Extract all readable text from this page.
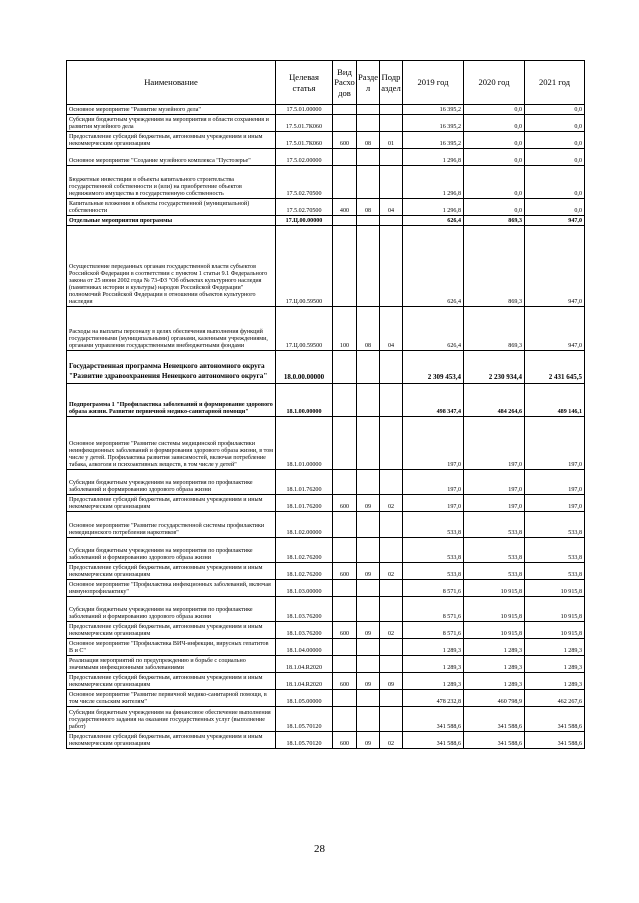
Наименование	Целевая статья	Вид Расхо дов	Разде л	Подр аздел	2019 год	2020 год	2021 год
Основное мероприятие "Развитие музейного дела"	17.5.01.00000				16 395,2	0,0	0,0
Субсидии бюджетным учреждениям на мероприятия в области сохранения и развития музейного дела	17.5.01.7К060				16 395,2	0,0	0,0
Предоставление субсидий бюджетным, автономным учреждениям и иным некоммерческим организациям	17.5.01.7К060	600	08	01	16 395,2	0,0	0,0
Основное мероприятие "Создание музейного комплекса "Пустозерье"	17.5.02.00000				1 296,8	0,0	0,0
Бюджетные инвестиции в объекты капитального строительства государственной собственности и (или) на приобретение объектов недвижимого имущества в государственную собственность	17.5.02.70500				1 296,8	0,0	0,0
Капитальные вложения в объекты государственной (муниципальной) собственности	17.5.02.70500	400	08	04	1 296,8	0,0	0,0
Отдельные мероприятия программы	17.Ц.00.00000				626,4	869,3	947,0
Осуществление переданных органам государственной власти субъектов Российской Федерации в соответствии с пунктом 1 статьи 9.1 Федерального закона от 25 июня 2002 года № 73-ФЗ "Об объектах культурного наследия (памятниках истории и культуры) народов Российской Федерации" полномочий Российской Федерации в отношении объектов культурного наследия	17.Ц.00.59500				626,4	869,3	947,0
Расходы на выплаты персоналу в целях обеспечения выполнения функций государственными (муниципальными) органами, казенными учреждениями, органами управления государственными внебюджетными фондами	17.Ц.00.59500	100	08	04	626,4	869,3	947,0
Государственная программа Ненецкого автономного округа "Развитие здравоохранения Ненецкого автономного округа"	18.0.00.00000				2 309 453,4	2 230 934,4	2 431 645,5
Подпрограмма 1 "Профилактика заболеваний и формирование здорового образа жизни. Развитие первичной медико-санитарной помощи"	18.1.00.00000				498 347,4	484 264,6	489 146,1
Основное мероприятие "Развитие системы медицинской профилактики неинфекционных заболеваний и формирования здорового образа жизни, в том числе у детей. Профилактика развития зависимостей, включая потребление табака, алкоголя и психоактивных веществ, в том числе у детей"	18.1.01.00000				197,0	197,0	197,0
Субсидии бюджетным учреждениям на мероприятия по профилактике заболеваний и формированию здорового образа жизни	18.1.01.76200				197,0	197,0	197,0
Предоставление субсидий бюджетным, автономным учреждениям и иным некоммерческим организациям	18.1.01.76200	600	09	02	197,0	197,0	197,0
Основное мероприятие "Развитие государственной системы профилактики немедицинского потребления наркотиков"	18.1.02.00000				533,8	533,8	533,8
Субсидии бюджетным учреждениям на мероприятия по профилактике заболеваний и формированию здорового образа жизни	18.1.02.76200				533,8	533,8	533,8
Предоставление субсидий бюджетным, автономным учреждениям и иным некоммерческим организациям	18.1.02.76200	600	09	02	533,8	533,8	533,8
Основное мероприятие "Профилактика инфекционных заболеваний, включая иммунопрофилактику"	18.1.03.00000				8 571,6	10 915,8	10 915,8
Субсидии бюджетным учреждениям на мероприятия по профилактике заболеваний и формированию здорового образа жизни	18.1.03.76200				8 571,6	10 915,8	10 915,8
Предоставление субсидий бюджетным, автономным учреждениям и иным некоммерческим организациям	18.1.03.76200	600	09	02	8 571,6	10 915,8	10 915,8
Основное мероприятие "Профилактика ВИЧ-инфекции, вирусных гепатитов В и С"	18.1.04.00000				1 289,3	1 289,3	1 289,3
Реализация мероприятий по предупреждению и борьбе с социально значимыми инфекционными заболеваниями	18.1.04.R2020				1 289,3	1 289,3	1 289,3
Предоставление субсидий бюджетным, автономным учреждениям и иным некоммерческим организациям	18.1.04.R2020	600	09	09	1 289,3	1 289,3	1 289,3
Основное мероприятие "Развитие первичной медико-санитарной помощи, в том числе сельским жителям"	18.1.05.00000				478 232,8	460 798,9	462 267,6
Субсидии бюджетным учреждениям на финансовое обеспечение выполнения государственного задания на оказание государственных услуг (выполнение работ)	18.1.05.70120				341 588,6	341 588,6	341 588,6
Предоставление субсидий бюджетным, автономным учреждениям и иным некоммерческим организациям	18.1.05.70120	600	09	02	341 588,6	341 588,6	341 588,6
28
